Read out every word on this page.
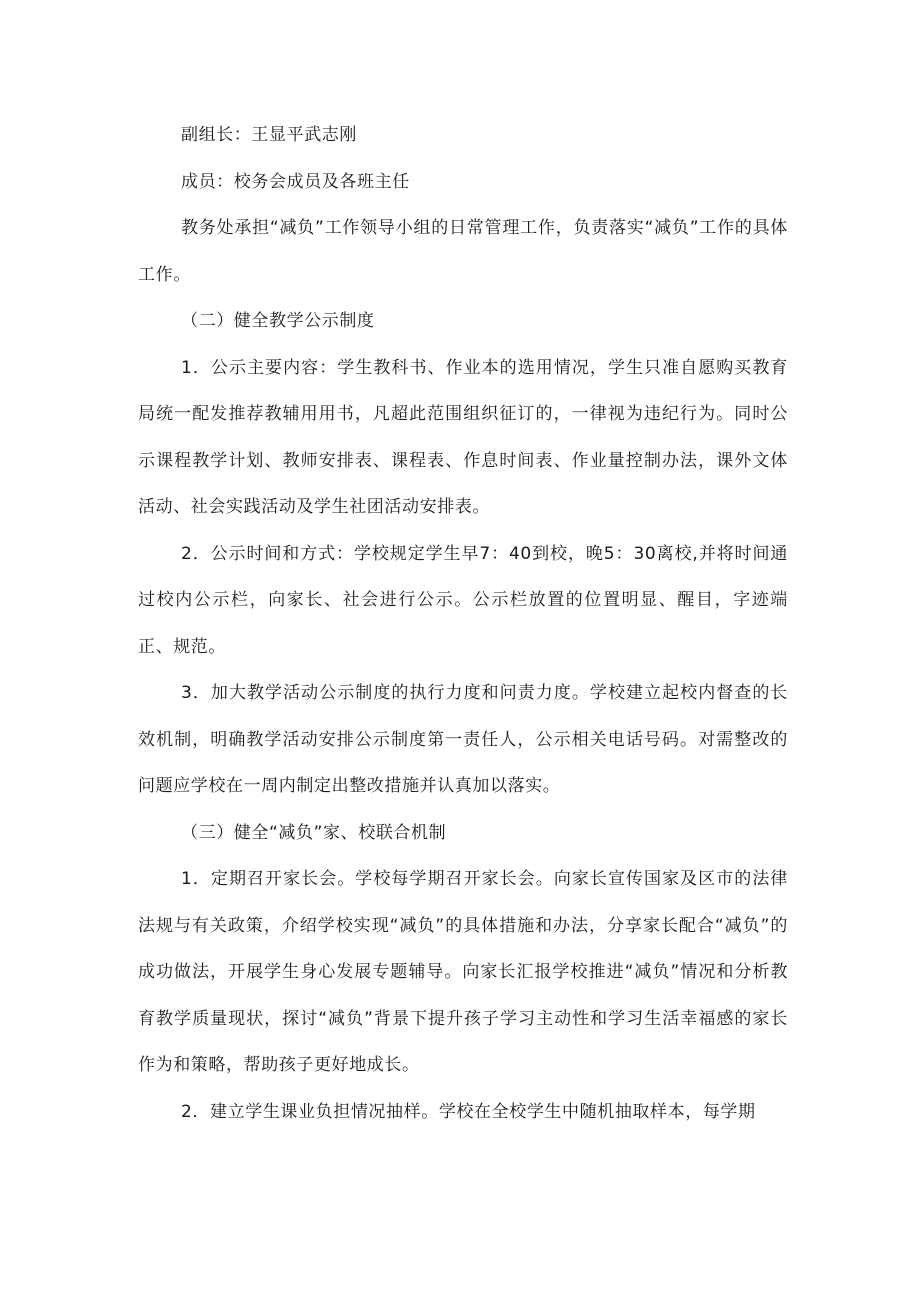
副组长：王显平武志刚

成员：校务会成员及各班主任

教务处承担“减负”工作领导小组的日常管理工作，负责落实“减负”工作的具体工作。

（二）健全教学公示制度

1．公示主要内容：学生教科书、作业本的选用情况，学生只准自愿购买教育局统一配发推荐教辅用用书，凡超此范围组织征订的，一律视为违纪行为。同时公示课程教学计划、教师安排表、课程表、作息时间表、作业量控制办法，课外文体活动、社会实践活动及学生社团活动安排表。

2．公示时间和方式：学校规定学生早7：40到校，晚5：30离校,并将时间通过校内公示栏，向家长、社会进行公示。公示栏放置的位置明显、醒目，字迹端正、规范。

3．加大教学活动公示制度的执行力度和问责力度。学校建立起校内督查的长效机制，明确教学活动安排公示制度第一责任人，公示相关电话号码。对需整改的问题应学校在一周内制定出整改措施并认真加以落实。

（三）健全“减负”家、校联合机制

1．定期召开家长会。学校每学期召开家长会。向家长宣传国家及区市的法律法规与有关政策，介绍学校实现“减负”的具体措施和办法，分享家长配合“减负”的成功做法，开展学生身心发展专题辅导。向家长汇报学校推进“减负”情况和分析教育教学质量现状，探讨“减负”背景下提升孩子学习主动性和学习生活幸福感的家长作为和策略，帮助孩子更好地成长。

2．建立学生课业负担情况抽样。学校在全校学生中随机抽取样本，每学期
